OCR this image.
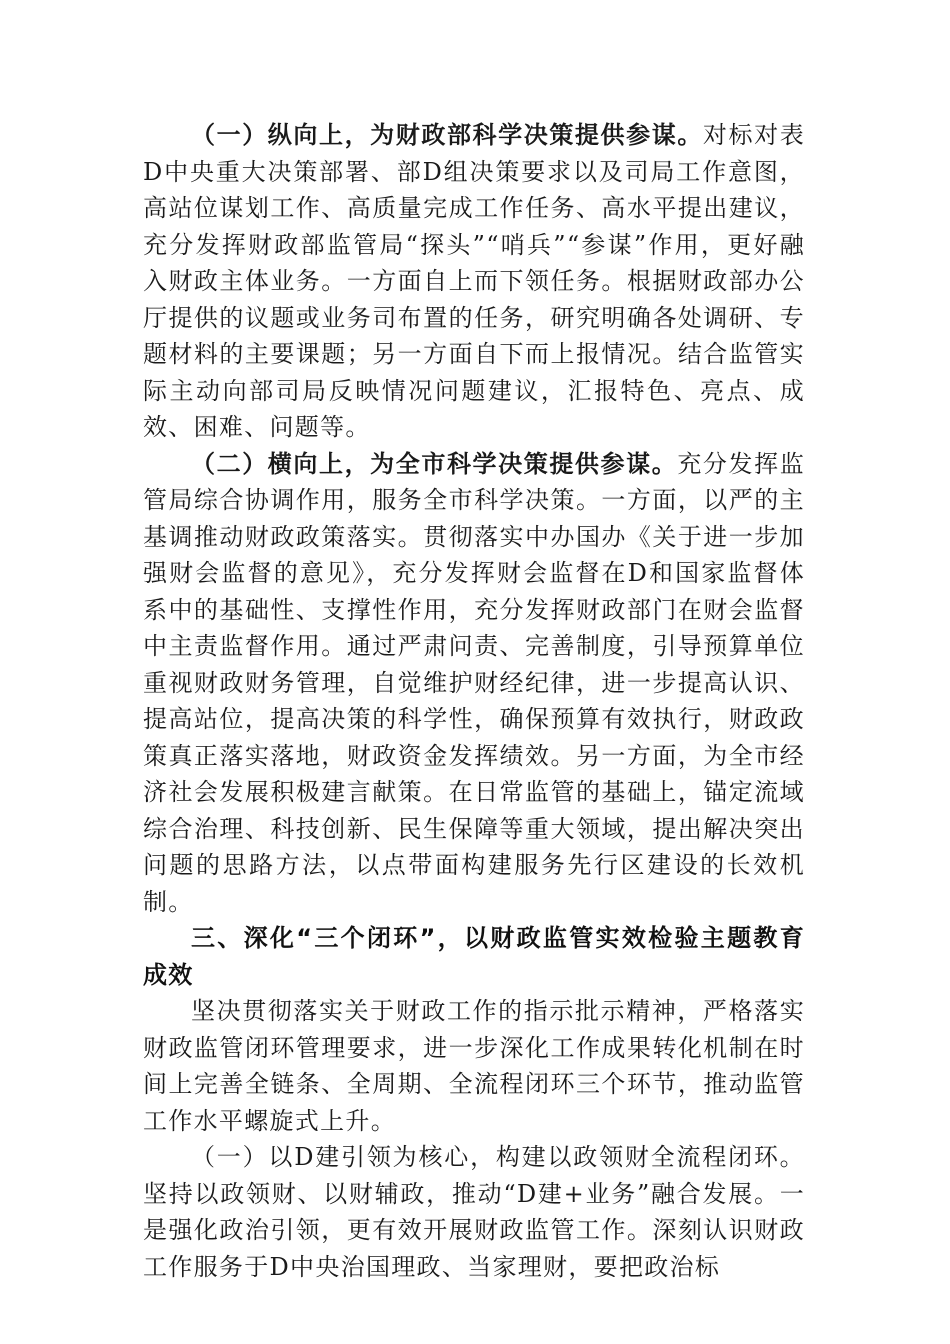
（一）纵向上，为财政部科学决策提供参谋。对标对表D中央重大决策部署、部D组决策要求以及司局工作意图，高站位谋划工作、高质量完成工作任务、高水平提出建议，充分发挥财政部监管局“探头”“哨兵”“参谋”作用，更好融入财政主体业务。一方面自上而下领任务。根据财政部办公厅提供的议题或业务司布置的任务，研究明确各处调研、专题材料的主要课题；另一方面自下而上报情况。结合监管实际主动向部司局反映情况问题建议，汇报特色、亮点、成效、困难、问题等。

（二）横向上，为全市科学决策提供参谋。充分发挥监管局综合协调作用，服务全市科学决策。一方面，以严的主基调推动财政政策落实。贯彻落实中办国办《关于进一步加强财会监督的意见》，充分发挥财会监督在D和国家监督体系中的基础性、支撑性作用，充分发挥财政部门在财会监督中主责监督作用。通过严肃问责、完善制度，引导预算单位重视财政财务管理，自觉维护财经纪律，进一步提高认识、提高站位，提高决策的科学性，确保预算有效执行，财政政策真正落实落地，财政资金发挥绩效。另一方面，为全市经济社会发展积极建言献策。在日常监管的基础上，锚定流域综合治理、科技创新、民生保障等重大领域，提出解决突出问题的思路方法，以点带面构建服务先行区建设的长效机制。

三、深化“三个闭环”，以财政监管实效检验主题教育成效

坚决贯彻落实关于财政工作的指示批示精神，严格落实财政监管闭环管理要求，进一步深化工作成果转化机制在时间上完善全链条、全周期、全流程闭环三个环节，推动监管工作水平螺旋式上升。

（一）以D建引领为核心，构建以政领财全流程闭环。坚持以政领财、以财辅政，推动“D建+业务”融合发展。一是强化政治引领，更有效开展财政监管工作。深刻认识财政工作服务于D中央治国理政、当家理财，要把政治标
